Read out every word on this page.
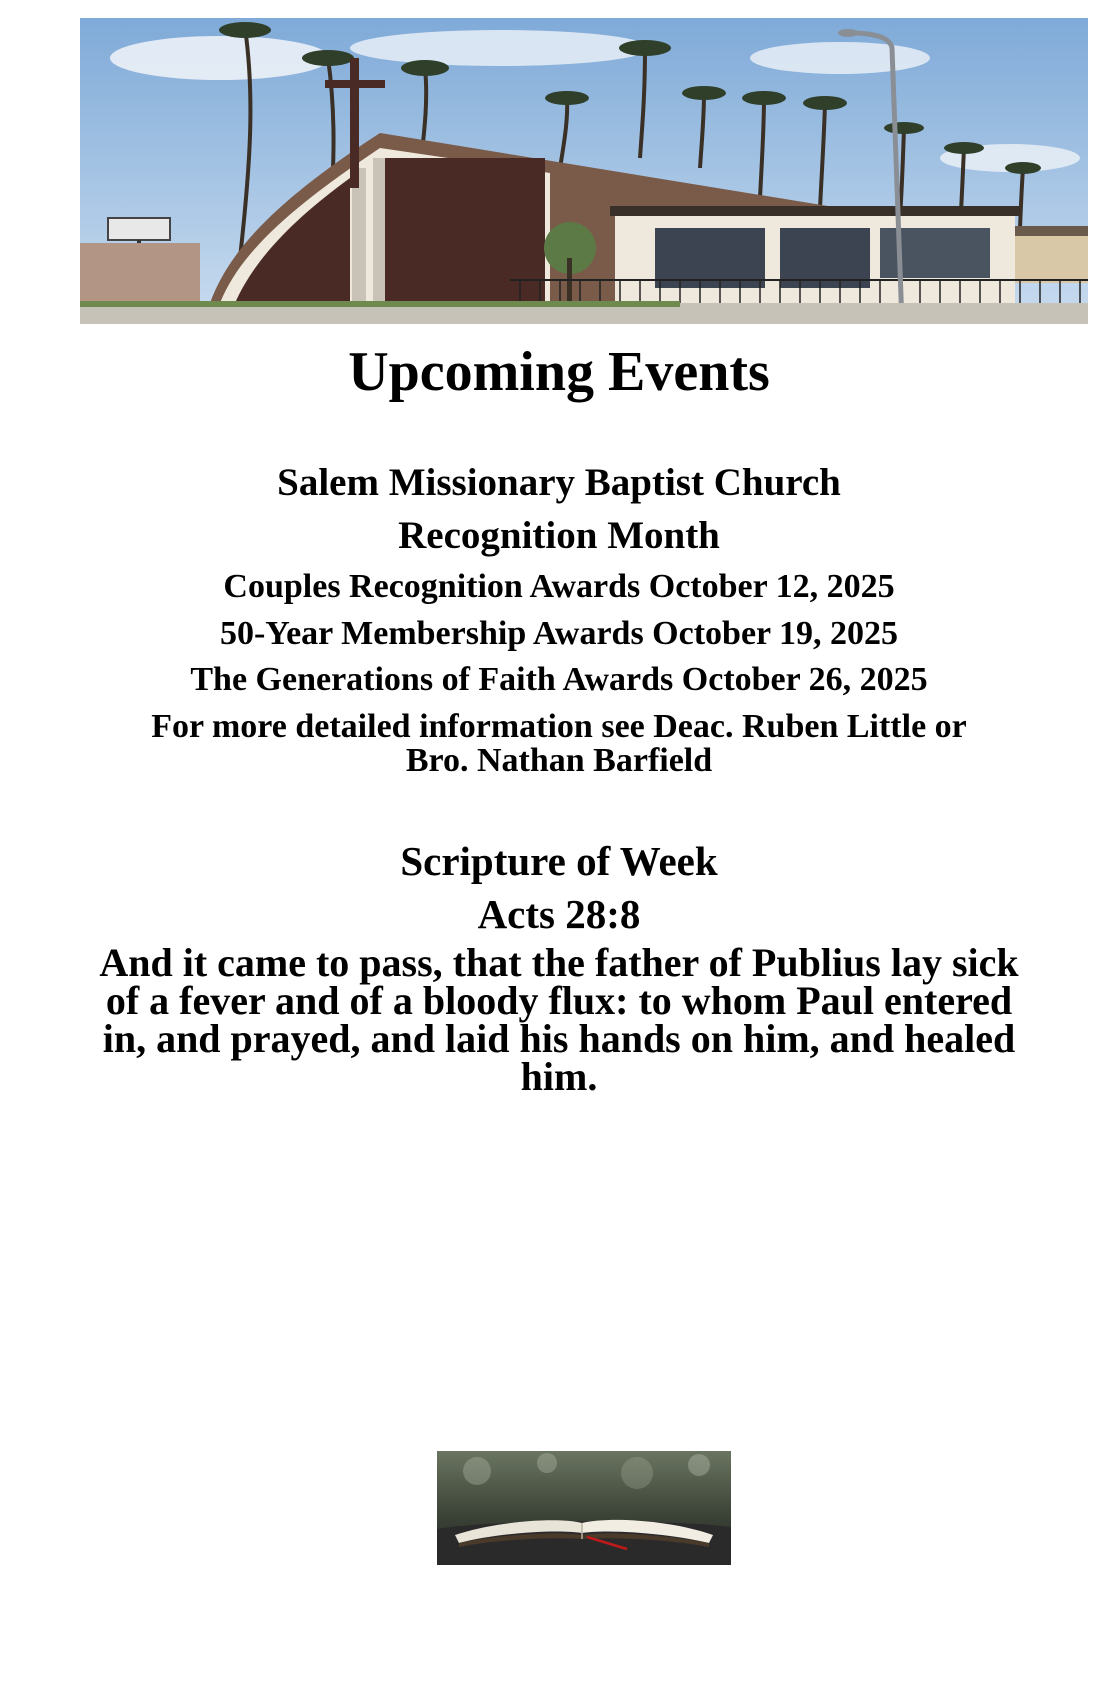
Upcoming Events

Salem Missionary Baptist Church

Recognition Month

Couples Recognition Awards October 12, 2025

50-Year Membership Awards October 19, 2025

The Generations of Faith Awards October 26, 2025

For more detailed information see Deac. Ruben Little or
Bro. Nathan Barfield

Scripture of Week

Acts 28:8

And it came to pass, that the father of Publius lay sick of a fever and of a bloody flux: to whom Paul entered in, and prayed, and laid his hands on him, and healed him.
